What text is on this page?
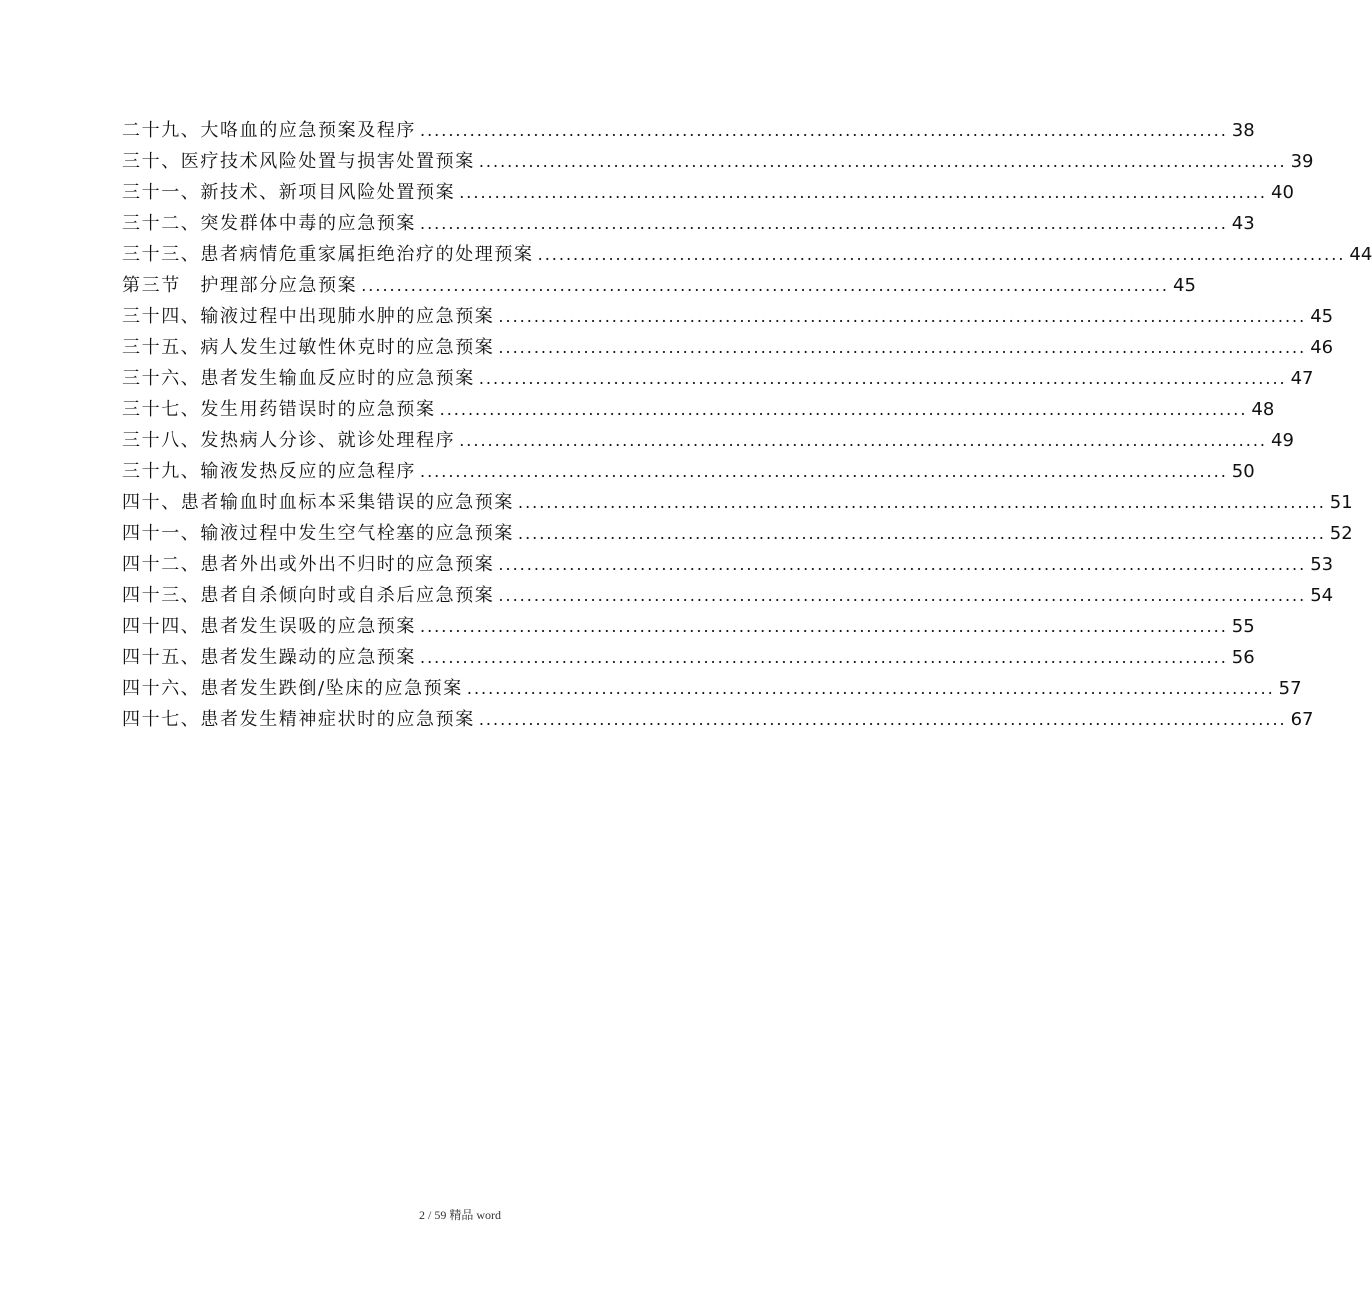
二十九、大咯血的应急预案及程序 .................................................................................................................. 38
三十、医疗技术风险处置与损害处置预案 .................................................................................................................. 39
三十一、新技术、新项目风险处置预案 .................................................................................................................. 40
三十二、突发群体中毒的应急预案 .................................................................................................................. 43
三十三、患者病情危重家属拒绝治疗的处理预案 .................................................................................................................. 44
第三节　护理部分应急预案 .................................................................................................................. 45
三十四、输液过程中出现肺水肿的应急预案 .................................................................................................................. 45
三十五、病人发生过敏性休克时的应急预案 .................................................................................................................. 46
三十六、患者发生输血反应时的应急预案 .................................................................................................................. 47
三十七、发生用药错误时的应急预案 .................................................................................................................. 48
三十八、发热病人分诊、就诊处理程序 .................................................................................................................. 49
三十九、输液发热反应的应急程序 .................................................................................................................. 50
四十、患者输血时血标本采集错误的应急预案 .................................................................................................................. 51
四十一、输液过程中发生空气栓塞的应急预案 .................................................................................................................. 52
四十二、患者外出或外出不归时的应急预案 .................................................................................................................. 53
四十三、患者自杀倾向时或自杀后应急预案 .................................................................................................................. 54
四十四、患者发生误吸的应急预案 .................................................................................................................. 55
四十五、患者发生躁动的应急预案 .................................................................................................................. 56
四十六、患者发生跌倒/坠床的应急预案 .................................................................................................................. 57
四十七、患者发生精神症状时的应急预案 .................................................................................................................. 67
2 / 59 精品 word
